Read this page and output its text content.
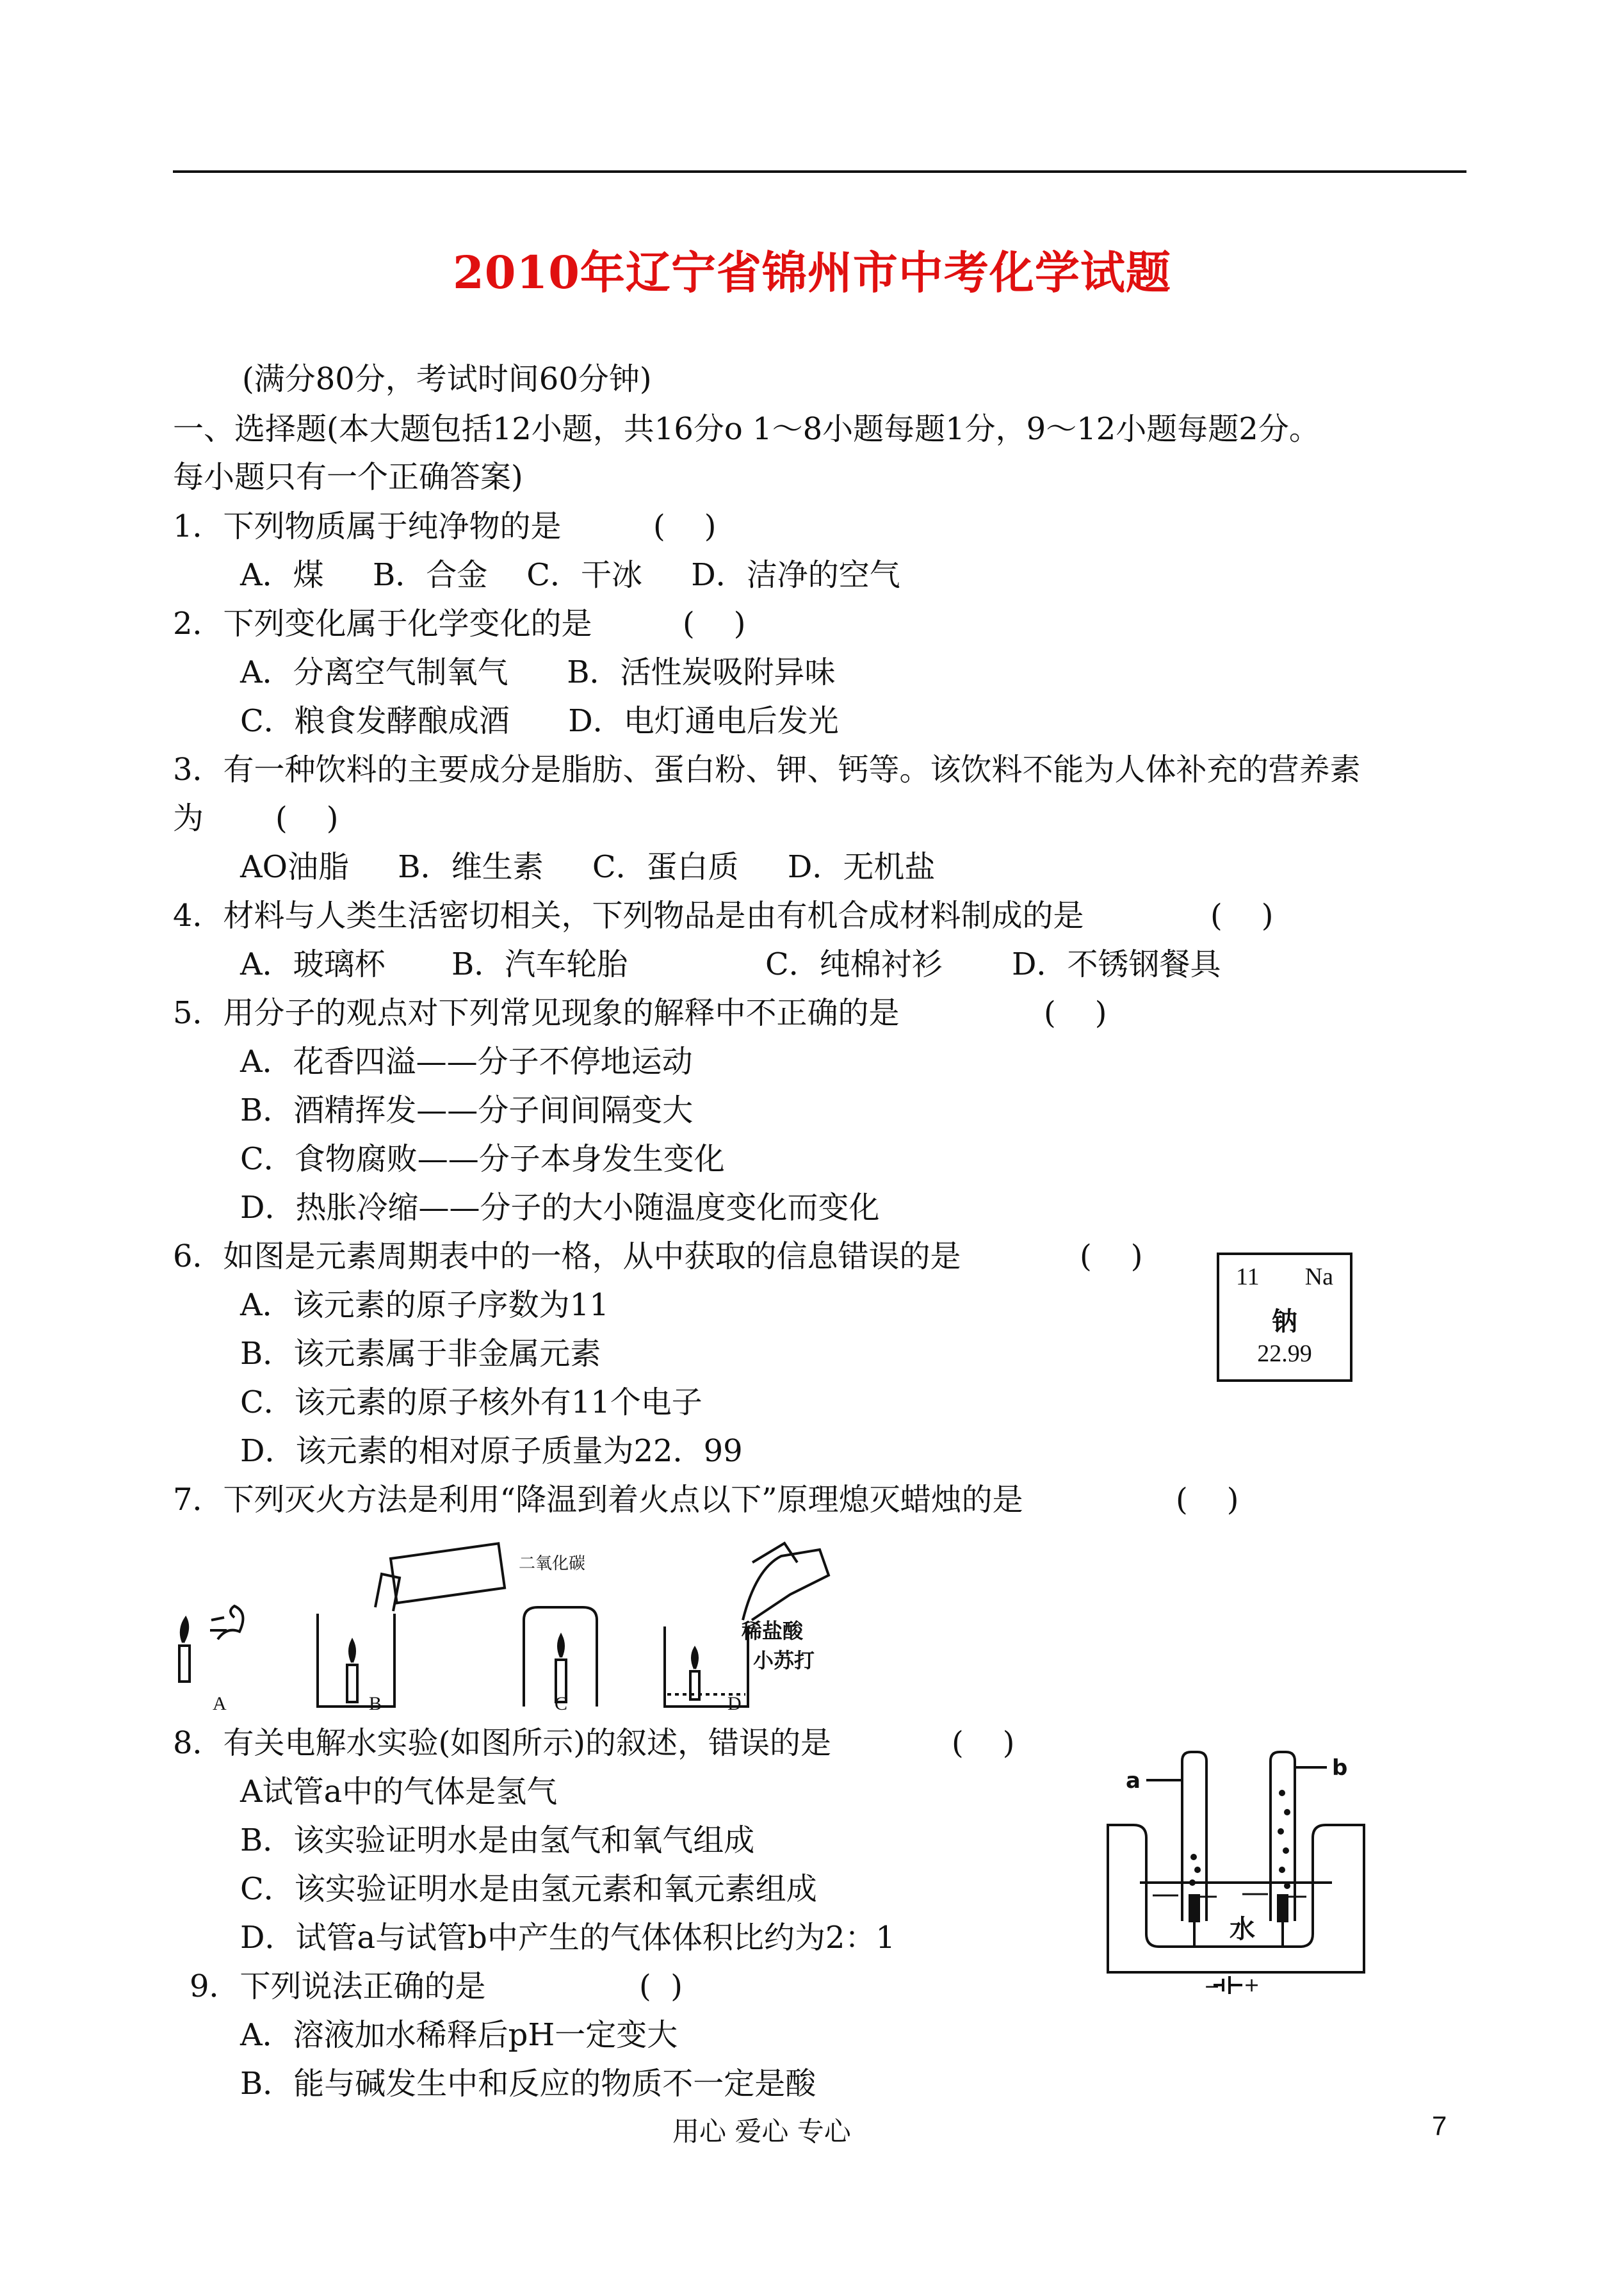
2010年辽宁省锦州市中考化学试题
(满分80分，考试时间60分钟)
一、选择题(本大题包括12小题，共16分o 1～8小题每题1分，9～12小题每题2分。
每小题只有一个正确答案)
1．下列物质属于纯净物的是	(    )
A．煤     B．合金    C．干冰     D．洁净的空气
2．下列变化属于化学变化的是	(    )
A．分离空气制氧气      B．活性炭吸附异味
C．粮食发酵酿成酒      D．电灯通电后发光
3．有一种饮料的主要成分是脂肪、蛋白粉、钾、钙等。该饮料不能为人体补充的营养素
为 (    )
AO油脂     B．维生素     C．蛋白质     D．无机盐
4．材料与人类生活密切相关，下列物品是由有机合成材料制成的是	(    )
A．玻璃杯 B．汽车轮胎	C．纯棉衬衫 D．不锈钢餐具
5．用分子的观点对下列常见现象的解释中不正确的是	(    )
A．花香四溢——分子不停地运动
B．酒精挥发——分子间间隔变大
C．食物腐败——分子本身发生变化
D．热胀冷缩——分子的大小随温度变化而变化
6．如图是元素周期表中的一格，从中获取的信息错误的是	(    )
A．该元素的原子序数为11
B．该元素属于非金属元素
C．该元素的原子核外有11个电子
D．该元素的相对原子质量为22．99
11 Na
钠
22.99
7．下列灭火方法是利用“降温到着火点以下”原理熄灭蜡烛的是	(    )
二氧化碳
稀盐酸
小苏打
A	B	C	D
8．有关电解水实验(如图所示)的叙述，错误的是	(    )
A试管a中的气体是氢气
B．该实验证明水是由氢气和氧气组成
C．该实验证明水是由氢元素和氧元素组成
D．试管a与试管b中产生的气体体积比约为2：1
a	b
水
− +
9．下列说法正确的是	(  )
A．溶液加水稀释后pH一定变大
B．能与碱发生中和反应的物质不一定是酸
用心 爱心 专心	7
